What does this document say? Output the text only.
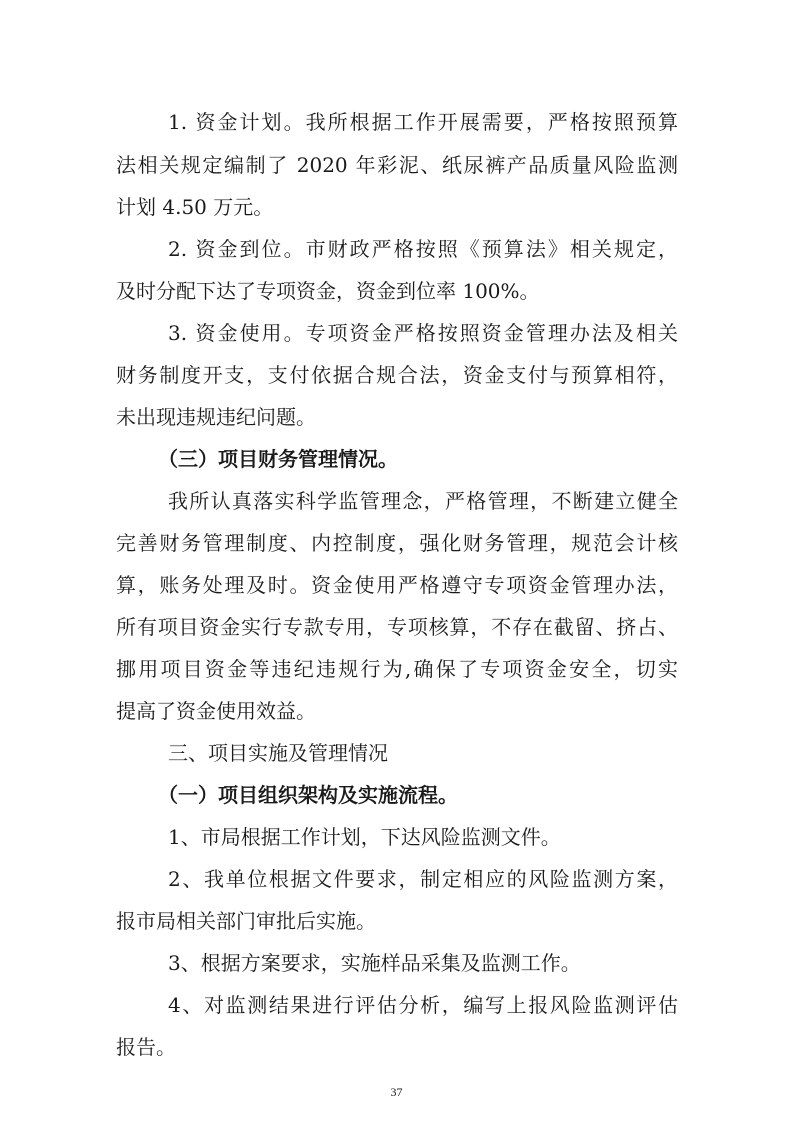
1. 资金计划。我所根据工作开展需要，严格按照预算
法相关规定编制了 2020 年彩泥、纸尿裤产品质量风险监测
计划 4.50 万元。
2. 资金到位。市财政严格按照《预算法》相关规定，
及时分配下达了专项资金，资金到位率 100%。
3. 资金使用。专项资金严格按照资金管理办法及相关
财务制度开支，支付依据合规合法，资金支付与预算相符，
未出现违规违纪问题。
（三）项目财务管理情况。
我所认真落实科学监管理念，严格管理，不断建立健全
完善财务管理制度、内控制度，强化财务管理，规范会计核
算，账务处理及时。资金使用严格遵守专项资金管理办法，
所有项目资金实行专款专用，专项核算，不存在截留、挤占、
挪用项目资金等违纪违规行为,确保了专项资金安全，切实
提高了资金使用效益。
三、项目实施及管理情况
（一）项目组织架构及实施流程。
1、市局根据工作计划，下达风险监测文件。
2、我单位根据文件要求，制定相应的风险监测方案，
报市局相关部门审批后实施。
3、根据方案要求，实施样品采集及监测工作。
4、对监测结果进行评估分析，编写上报风险监测评估
报告。
37
